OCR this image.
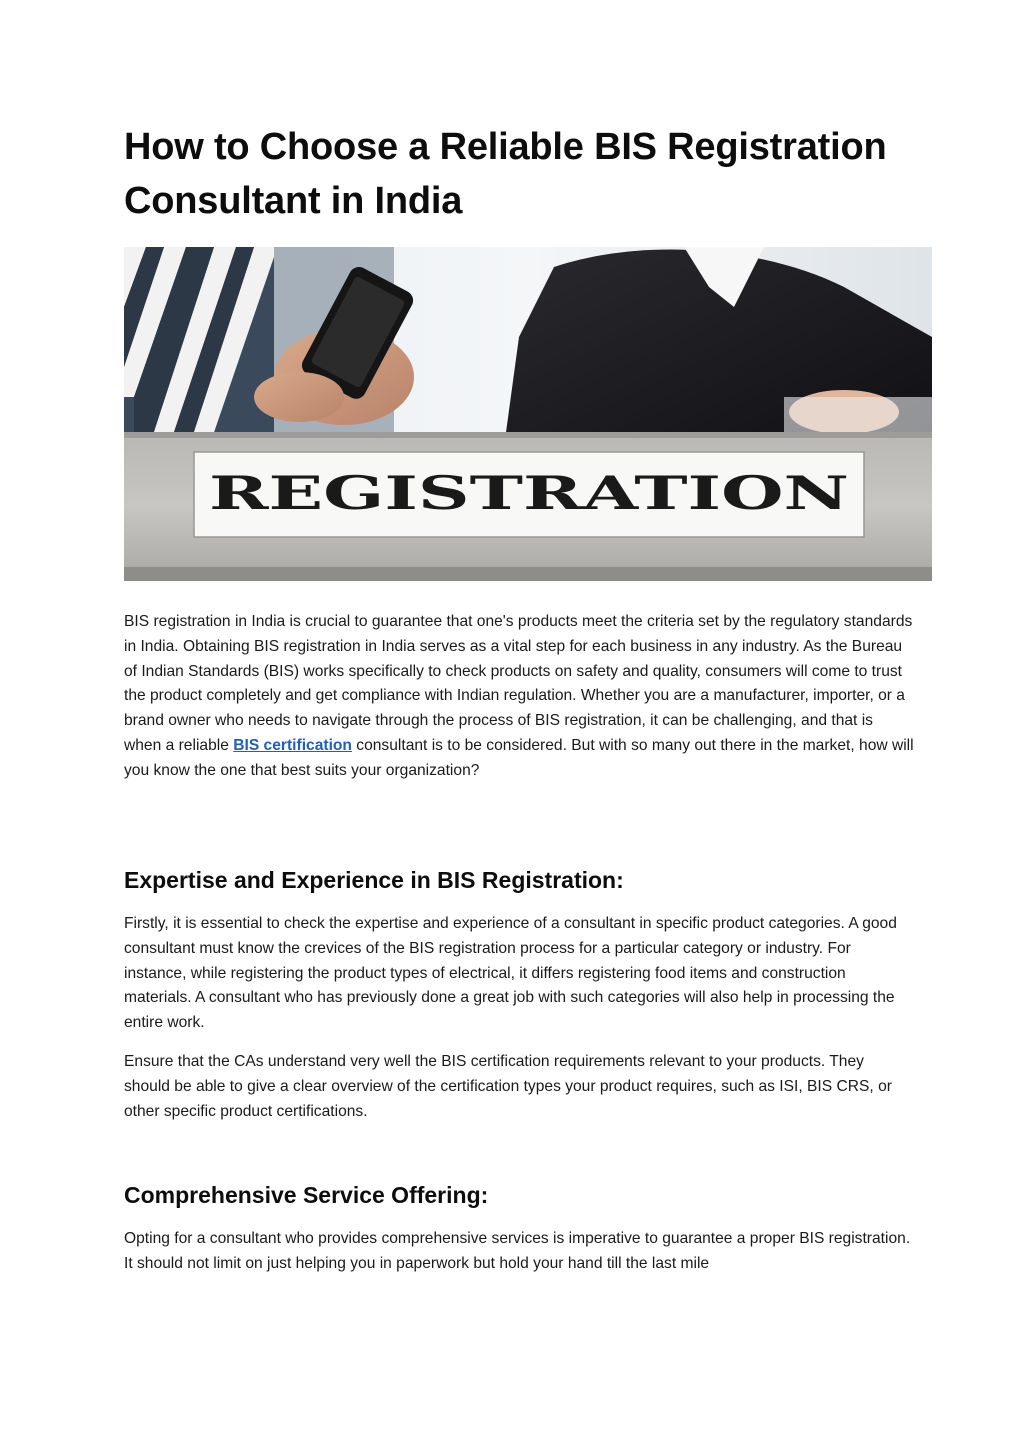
How to Choose a Reliable BIS Registration Consultant in India
REGISTRATION

BIS registration in India is crucial to guarantee that one's products meet the criteria set by the regulatory standards in India. Obtaining BIS registration in India serves as a vital step for each business in any industry. As the Bureau of Indian Standards (BIS) works specifically to check products on safety and quality, consumers will come to trust the product completely and get compliance with Indian regulation. Whether you are a manufacturer, importer, or a brand owner who needs to navigate through the process of BIS registration, it can be challenging, and that is when a reliable BIS certification consultant is to be considered. But with so many out there in the market, how will you know the one that best suits your organization?

Expertise and Experience in BIS Registration:

Firstly, it is essential to check the expertise and experience of a consultant in specific product categories. A good consultant must know the crevices of the BIS registration process for a particular category or industry. For instance, while registering the product types of electrical, it differs registering food items and construction materials. A consultant who has previously done a great job with such categories will also help in processing the entire work.

Ensure that the CAs understand very well the BIS certification requirements relevant to your products. They should be able to give a clear overview of the certification types your product requires, such as ISI, BIS CRS, or other specific product certifications.

Comprehensive Service Offering:

Opting for a consultant who provides comprehensive services is imperative to guarantee a proper BIS registration. It should not limit on just helping you in paperwork but hold your hand till the last mile
